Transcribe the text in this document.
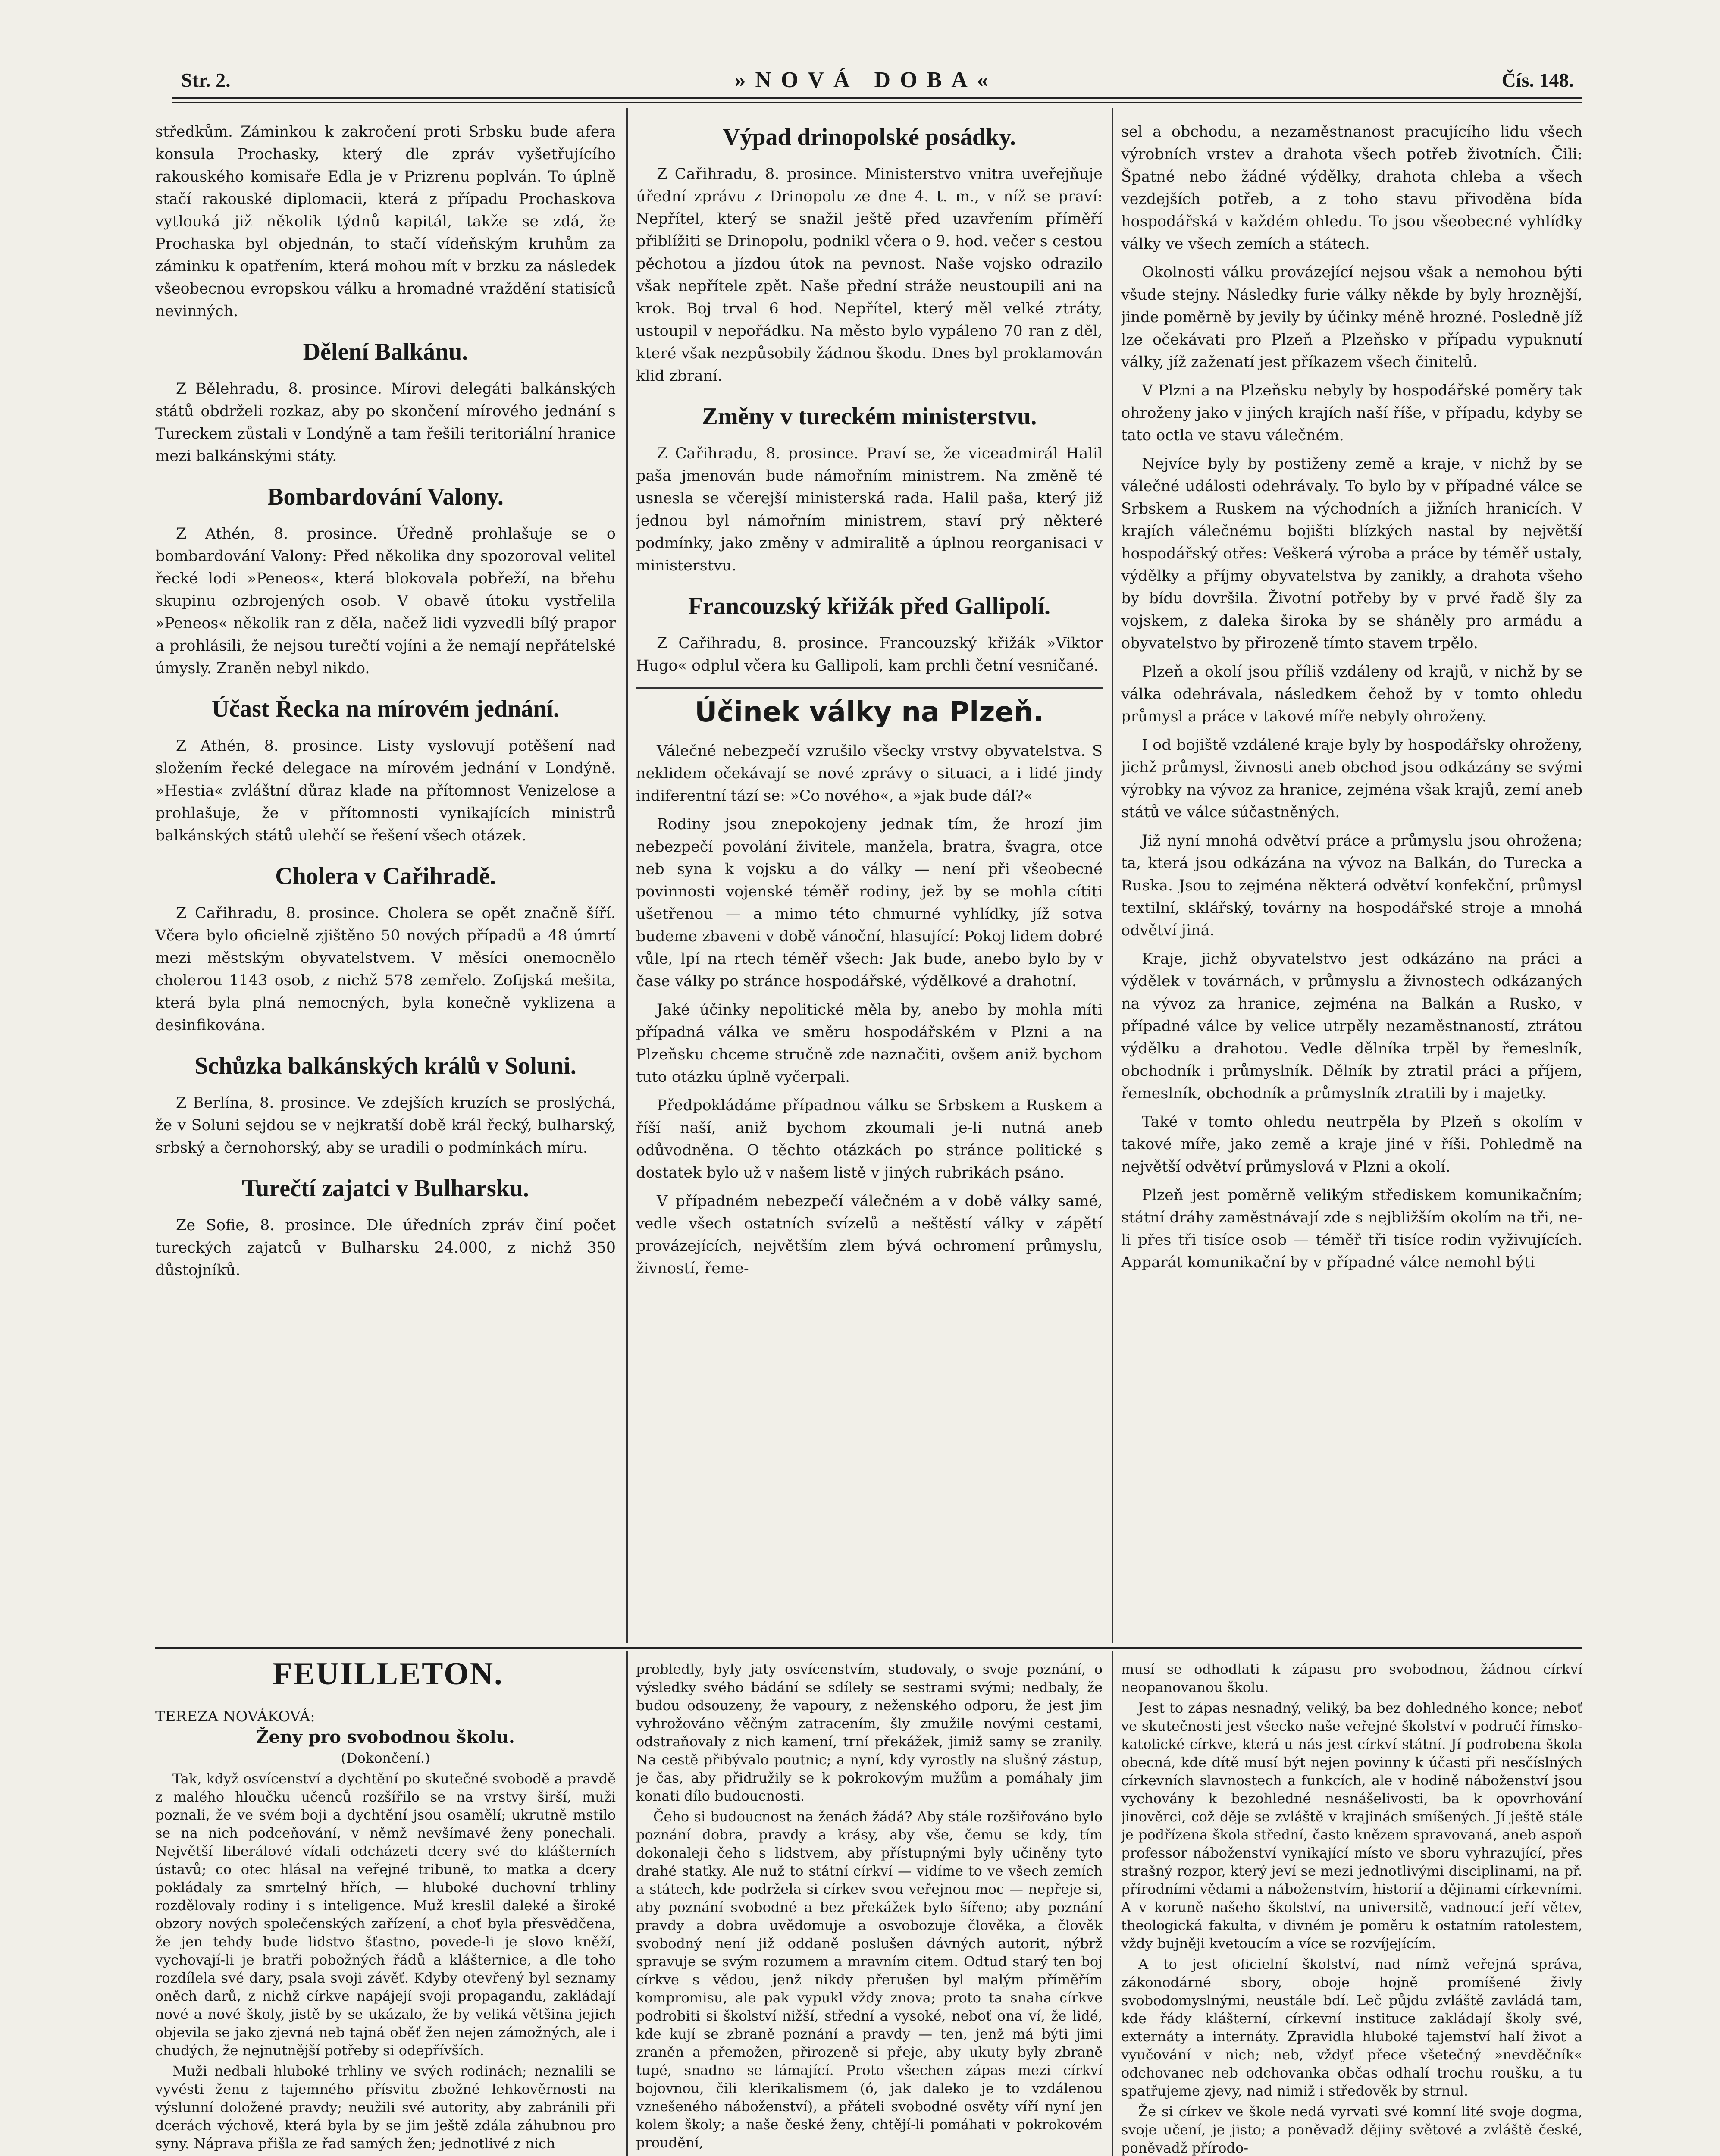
Str. 2.	»NOVÁ DOBA«	Čís. 148.

středkům. Záminkou k zakročení proti Srbsku bude afera konsula Prochasky, který dle zpráv vyšetřujícího rakouského komisaře Edla je v Prizrenu poplván. To úplně stačí rakouské diplomacii, která z případu Prochaskova vytlouká již několik týdnů kapitál, takže se zdá, že Prochaska byl objednán, to stačí vídeňským kruhům za záminku k opatřením, která mohou mít v brzku za následek všeobecnou evropskou válku a hromadné vraždění statisíců nevinných.

Dělení Balkánu.

Z Bělehradu, 8. prosince. Mírovi delegáti balkánských států obdrželi rozkaz, aby po skončení mírového jednání s Tureckem zůstali v Londýně a tam řešili teritoriální hranice mezi balkánskými státy.

Bombardování Valony.

Z Athén, 8. prosince. Úředně prohlašuje se o bombardování Valony: Před několika dny spozoroval velitel řecké lodi »Peneos«, která blokovala pobřeží, na břehu skupinu ozbrojených osob. V obavě útoku vystřelila »Peneos« několik ran z děla, načež lidi vyzvedli bílý prapor a prohlásili, že nejsou turečtí vojíni a že nemají nepřátelské úmysly. Zraněn nebyl nikdo.

Účast Řecka na mírovém jednání.

Z Athén, 8. prosince. Listy vyslovují potěšení nad složením řecké delegace na mírovém jednání v Londýně. »Hestia« zvláštní důraz klade na přítomnost Venizelose a prohlašuje, že v přítomnosti vynikajících ministrů balkánských států ulehčí se řešení všech otázek.

Cholera v Cařihradě.

Z Cařihradu, 8. prosince. Cholera se opět značně šíří. Včera bylo oficielně zjištěno 50 nových případů a 48 úmrtí mezi městským obyvatelstvem. V měsíci onemocnělo cholerou 1143 osob, z nichž 578 zemřelo. Zofijská mešita, která byla plná nemocných, byla konečně vyklizena a desinfikována.

Schůzka balkánských králů v Soluni.

Z Berlína, 8. prosince. Ve zdejších kruzích se proslýchá, že v Soluni sejdou se v nejkratší době král řecký, bulharský, srbský a černohorský, aby se uradili o podmínkách míru.

Turečtí zajatci v Bulharsku.

Ze Sofie, 8. prosince. Dle úředních zpráv činí počet tureckých zajatců v Bulharsku 24.000, z nichž 350 důstojníků.

Výpad drinopolské posádky.

Z Cařihradu, 8. prosince. Ministerstvo vnitra uveřejňuje úřední zprávu z Drinopolu ze dne 4. t. m., v níž se praví: Nepřítel, který se snažil ještě před uzavřením příměří přiblížiti se Drinopolu, podnikl včera o 9. hod. večer s cestou pěchotou a jízdou útok na pevnost. Naše vojsko odrazilo však nepřítele zpět. Naše přední stráže neustoupili ani na krok. Boj trval 6 hod. Nepřítel, který měl velké ztráty, ustoupil v nepořádku. Na město bylo vypáleno 70 ran z děl, které však nezpůsobily žádnou škodu. Dnes byl proklamován klid zbraní.

Změny v tureckém ministerstvu.

Z Cařihradu, 8. prosince. Praví se, že viceadmirál Halil paša jmenován bude námořním ministrem. Na změně té usnesla se včerejší ministerská rada. Halil paša, který již jednou byl námořním ministrem, staví prý některé podmínky, jako změny v admiralitě a úplnou reorganisaci v ministerstvu.

Francouzský křižák před Gallipolí.

Z Cařihradu, 8. prosince. Francouzský křižák »Viktor Hugo« odplul včera ku Gallipoli, kam prchli četní vesničané.

Účinek války na Plzeň.

Válečné nebezpečí vzrušilo všecky vrstvy obyvatelstva. S neklidem očekávají se nové zprávy o situaci, a i lidé jindy indiferentní tází se: »Co nového«, a »jak bude dál?«

Rodiny jsou znepokojeny jednak tím, že hrozí jim nebezpečí povolání živitele, manžela, bratra, švagra, otce neb syna k vojsku a do války — není při všeobecné povinnosti vojenské téměř rodiny, jež by se mohla cítiti ušetřenou — a mimo této chmurné vyhlídky, jíž sotva budeme zbaveni v době vánoční, hlasující: Pokoj lidem dobré vůle, lpí na rtech téměř všech: Jak bude, anebo bylo by v čase války po stránce hospodářské, výdělkové a drahotní.

Jaké účinky nepolitické měla by, anebo by mohla míti případná válka ve směru hospodářském v Plzni a na Plzeňsku chceme stručně zde naznačiti, ovšem aniž bychom tuto otázku úplně vyčerpali.

Předpokládáme případnou válku se Srbskem a Ruskem a říší naší, aniž bychom zkoumali je-li nutná aneb odůvodněna. O těchto otázkách po stránce politické s dostatek bylo už v našem listě v jiných rubrikách psáno.

V případném nebezpečí válečném a v době války samé, vedle všech ostatních svízelů a neštěstí války v zápětí provázejících, největším zlem bývá ochromení průmyslu, živností, řeme-

sel a obchodu, a nezaměstnanost pracujícího lidu všech výrobních vrstev a drahota všech potřeb životních. Čili: Špatné nebo žádné výdělky, drahota chleba a všech vezdejších potřeb, a z toho stavu přivoděna bída hospodářská v každém ohledu. To jsou všeobecné vyhlídky války ve všech zemích a státech.

Okolnosti válku provázející nejsou však a nemohou býti všude stejny. Následky furie války někde by byly hroznější, jinde poměrně by jevily by účinky méně hrozné. Posledně jíž lze očekávati pro Plzeň a Plzeňsko v případu vypuknutí války, jíž zaženatí jest příkazem všech činitelů.

V Plzni a na Plzeňsku nebyly by hospodářské poměry tak ohroženy jako v jiných krajích naší říše, v případu, kdyby se tato octla ve stavu válečném.

Nejvíce byly by postiženy země a kraje, v nichž by se válečné události odehrávaly. To bylo by v případné válce se Srbskem a Ruskem na východních a jižních hranicích. V krajích válečnému bojišti blízkých nastal by největší hospodářský otřes: Veškerá výroba a práce by téměř ustaly, výdělky a příjmy obyvatelstva by zanikly, a drahota všeho by bídu dovršila. Životní potřeby by v prvé řadě šly za vojskem, z daleka široka by se sháněly pro armádu a obyvatelstvo by přirozeně tímto stavem trpělo.

Plzeň a okolí jsou příliš vzdáleny od krajů, v nichž by se válka odehrávala, následkem čehož by v tomto ohledu průmysl a práce v takové míře nebyly ohroženy.

I od bojiště vzdálené kraje byly by hospodářsky ohroženy, jichž průmysl, živnosti aneb obchod jsou odkázány se svými výrobky na vývoz za hranice, zejména však krajů, zemí aneb států ve válce súčastněných.

Již nyní mnohá odvětví práce a průmyslu jsou ohrožena; ta, která jsou odkázána na vývoz na Balkán, do Turecka a Ruska. Jsou to zejména některá odvětví konfekční, průmysl textilní, sklářský, továrny na hospodářské stroje a mnohá odvětví jiná.

Kraje, jichž obyvatelstvo jest odkázáno na práci a výdělek v továrnách, v průmyslu a živnostech odkázaných na vývoz za hranice, zejména na Balkán a Rusko, v případné válce by velice utrpěly nezaměstnaností, ztrátou výdělku a drahotou. Vedle dělníka trpěl by řemeslník, obchodník i průmyslník. Dělník by ztratil práci a příjem, řemeslník, obchodník a průmyslník ztratili by i majetky.

Také v tomto ohledu neutrpěla by Plzeň s okolím v takové míře, jako země a kraje jiné v říši. Pohledmě na největší odvětví průmyslová v Plzni a okolí.

Plzeň jest poměrně velikým střediskem komunikačním; státní dráhy zaměstnávají zde s nejbližším okolím na tři, ne-li přes tři tisíce osob — téměř tři tisíce rodin vyživujících. Apparát komunikační by v případné válce nemohl býti

FEUILLETON.

TEREZA NOVÁKOVÁ:

Ženy pro svobodnou školu.

(Dokončení.)

Tak, když osvícenství a dychtění po skutečné svobodě a pravdě z malého hloučku učenců rozšířilo se na vrstvy širší, muži poznali, že ve svém boji a dychtění jsou osamělí; ukrutně mstilo se na nich podceňování, v němž nevšímavé ženy ponechali. Největší liberálové vídali odcházeti dcery své do klášterních ústavů; co otec hlásal na veřejné tribuně, to matka a dcery pokládaly za smrtelný hřích, — hluboké duchovní trhliny rozdělovaly rodiny i s inteligence. Muž kreslil daleké a široké obzory nových společenských zařízení, a choť byla přesvědčena, že jen tehdy bude lidstvo šťastno, povede-li je slovo kněží, vychovají-li je bratři pobožných řádů a klášternice, a dle toho rozdílela své dary, psala svoji závěť. Kdyby otevřený byl seznamy oněch darů, z nichž církve napájejí svoji propagandu, zakládají nové a nové školy, jistě by se ukázalo, že by veliká většina jejich objevila se jako zjevná neb tajná oběť žen nejen zámožných, ale i chudých, že nejnutnější potřeby si odepřívších.

Muži nedbali hluboké trhliny ve svých rodinách; neznalili se vyvésti ženu z tajemného přísvitu zbožné lehkověrnosti na výslunní doložené pravdy; neužili své autority, aby zabránili při dcerách výchově, která byla by se jim ještě zdála záhubnou pro syny. Náprava přišla ze řad samých žen; jednotlivé z nich

probledly, byly jaty osvícenstvím, studovaly, o svoje poznání, o výsledky svého bádání se sdílely se sestrami svými; nedbaly, že budou odsouzeny, že vapoury, z neženského odporu, že jest jim vyhrožováno věčným zatracením, šly zmužile novými cestami, odstraňovaly z nich kamení, trní překážek, jimiž samy se zranily. Na cestě přibývalo poutnic; a nyní, kdy vyrostly na slušný zástup, je čas, aby přidružily se k pokrokovým mužům a pomáhaly jim konati dílo budoucnosti.

Čeho si budoucnost na ženách žádá? Aby stále rozšiřováno bylo poznání dobra, pravdy a krásy, aby vše, čemu se kdy, tím dokonaleji čeho s lidstvem, aby přístupnými byly učiněny tyto drahé statky. Ale nuž to státní církví — vidíme to ve všech zemích a státech, kde podržela si církev svou veřejnou moc — nepřeje si, aby poznání svobodné a bez překážek bylo šířeno; aby poznání pravdy a dobra uvědomuje a osvobozuje člověka, a člověk svobodný není již oddaně poslušen dávných autorit, nýbrž spravuje se svým rozumem a mravním citem. Odtud starý ten boj církve s vědou, jenž nikdy přerušen byl malým příměřím kompromisu, ale pak vypukl vždy znova; proto ta snaha církve podrobiti si školství nižší, střední a vysoké, neboť ona ví, že lidé, kde kují se zbraně poznání a pravdy — ten, jenž má býti jimi zraněn a přemožen, přirozeně si přeje, aby ukuty byly zbraně tupé, snadno se lámající. Proto všechen zápas mezi církví bojovnou, čili klerikalismem (ó, jak daleko je to vzdálenou vznešeného náboženství), a přáteli svobodné osvěty víří nyní jen kolem školy; a naše české ženy, chtějí-li pomáhati v pokrokovém proudění,

musí se odhodlati k zápasu pro svobodnou, žádnou církví neopanovanou školu.

Jest to zápas nesnadný, veliký, ba bez dohledného konce; neboť ve skutečnosti jest všecko naše veřejné školství v područí římsko-katolické církve, která u nás jest církví státní. Jí podrobena škola obecná, kde dítě musí být nejen povinny k účasti při nesčíslných církevních slavnostech a funkcích, ale v hodině náboženství jsou vychovány k bezohledné nesnášelivosti, ba k opovrhování jinověrci, což děje se zvláště v krajinách smíšených. Jí ještě stále je podřízena škola střední, často knězem spravovaná, aneb aspoň professor náboženství vynikající místo ve sboru vyhrazující, přes strašný rozpor, který jeví se mezi jednotlivými disciplinami, na př. přírodními vědami a náboženstvím, historií a dějinami církevními. A v koruně našeho školství, na universitě, vadnoucí jeří větev, theologická fakulta, v divném je poměru k ostatním ratolestem, vždy bujněji kvetoucím a více se rozvíjejícím.

A to jest oficielní školství, nad nímž veřejná správa, zákonodárné sbory, oboje hojně promíšené živly svobodomyslnými, neustále bdí. Leč půjdu zvláště zavládá tam, kde řády klášterní, církevní instituce zakládají školy své, externáty a internáty. Zpravidla hluboké tajemství halí život a vyučování v nich; neb, vždyť přece všetečný »nevděčník« odchovanec neb odchovanka občas odhalí trochu roušku, a tu spatřujeme zjevy, nad nimiž i středověk by strnul.

Že si církev ve škole nedá vyrvati své komní lité svoje dogma, svoje učení, je jisto; a poněvadž dějiny světové a zvláště české, poněvadž přírodo-
